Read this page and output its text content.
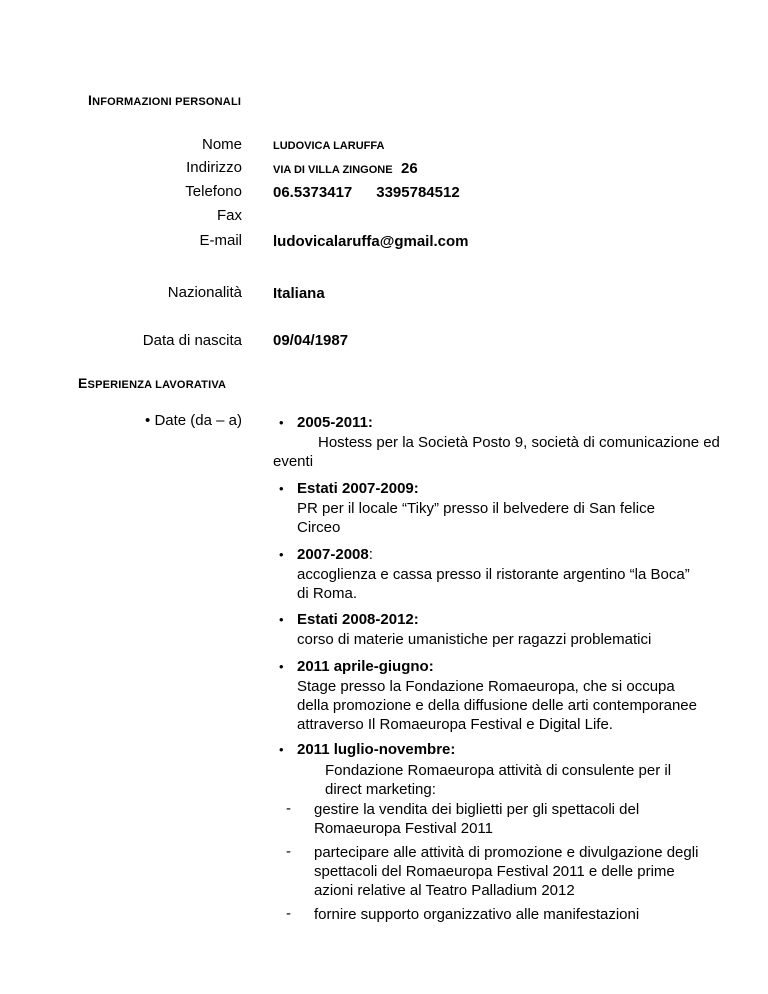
INFORMAZIONI PERSONALI
Nome
Indirizzo
Telefono
Fax
E-mail
Nazionalità
Data di nascita
LUDOVICA LARUFFA
VIA DI VILLA ZINGONE 26
06.5373417 3395784512
ludovicalaruffa@gmail.com
Italiana
09/04/1987
ESPERIENZA LAVORATIVA
• Date (da – a)	• 2005-2011:
Hostess per la Società Posto 9, società di comunicazione ed
eventi
• Estati 2007-2009:
PR per il locale “Tiky” presso il belvedere di San felice
Circeo
• 2007-2008:
accoglienza e cassa presso il ristorante argentino “la Boca”
di Roma.
• Estati 2008-2012:
corso di materie umanistiche per ragazzi problematici
• 2011 aprile-giugno:
Stage presso la Fondazione Romaeuropa, che si occupa
della promozione e della diffusione delle arti contemporanee
attraverso Il Romaeuropa Festival e Digital Life.
• 2011 luglio-novembre:
Fondazione Romaeuropa attività di consulente per il
direct marketing:
- gestire la vendita dei biglietti per gli spettacoli del
Romaeuropa Festival 2011
- partecipare alle attività di promozione e divulgazione degli
spettacoli del Romaeuropa Festival 2011 e delle prime
azioni relative al Teatro Palladium 2012
- fornire supporto organizzativo alle manifestazioni
